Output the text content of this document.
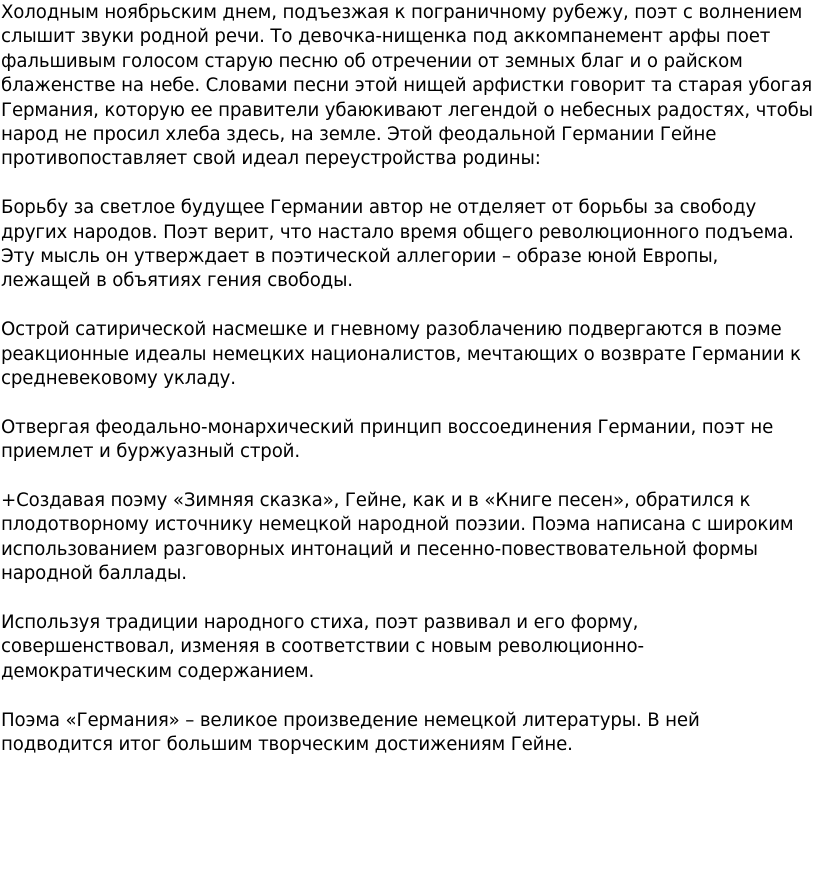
Холодным ноябрьским днем, подъезжая к пограничному рубежу, поэт с волнением слышит звуки родной речи. То девочка-нищенка под аккомпанемент арфы поет фальшивым голосом старую песню об отречении от земных благ и о райском блаженстве на небе. Словами песни этой нищей арфистки говорит та старая убогая Германия, которую ее правители убаюкивают легендой о небесных радостях, чтобы народ не просил хлеба здесь, на земле. Этой феодальной Германии Гейне противопоставляет свой идеал переустройства родины:

Борьбу за светлое будущее Германии автор не отделяет от борьбы за свободу других народов. Поэт верит, что настало время общего революционного подъема. Эту мысль он утверждает в поэтической аллегории – образе юной Европы, лежащей в объятиях гения свободы.

Острой сатирической насмешке и гневному разоблачению подвергаются в поэме реакционные идеалы немецких националистов, мечтающих о возврате Германии к средневековому укладу.

Отвергая феодально-монархический принцип воссоединения Германии, поэт не приемлет и буржуазный строй.

+Создавая поэму «Зимняя сказка», Гейне, как и в «Книге песен», обратился к плодотворному источнику немецкой народной поэзии. Поэма написана с широким использованием разговорных интонаций и песенно-повествовательной формы народной баллады.

Используя традиции народного стиха, поэт развивал и его форму, совершенствовал, изменяя в соответствии с новым революционно-демократическим содержанием.

Поэма «Германия» – великое произведение немецкой литературы. В ней подводится итог большим творческим достижениям Гейне.
